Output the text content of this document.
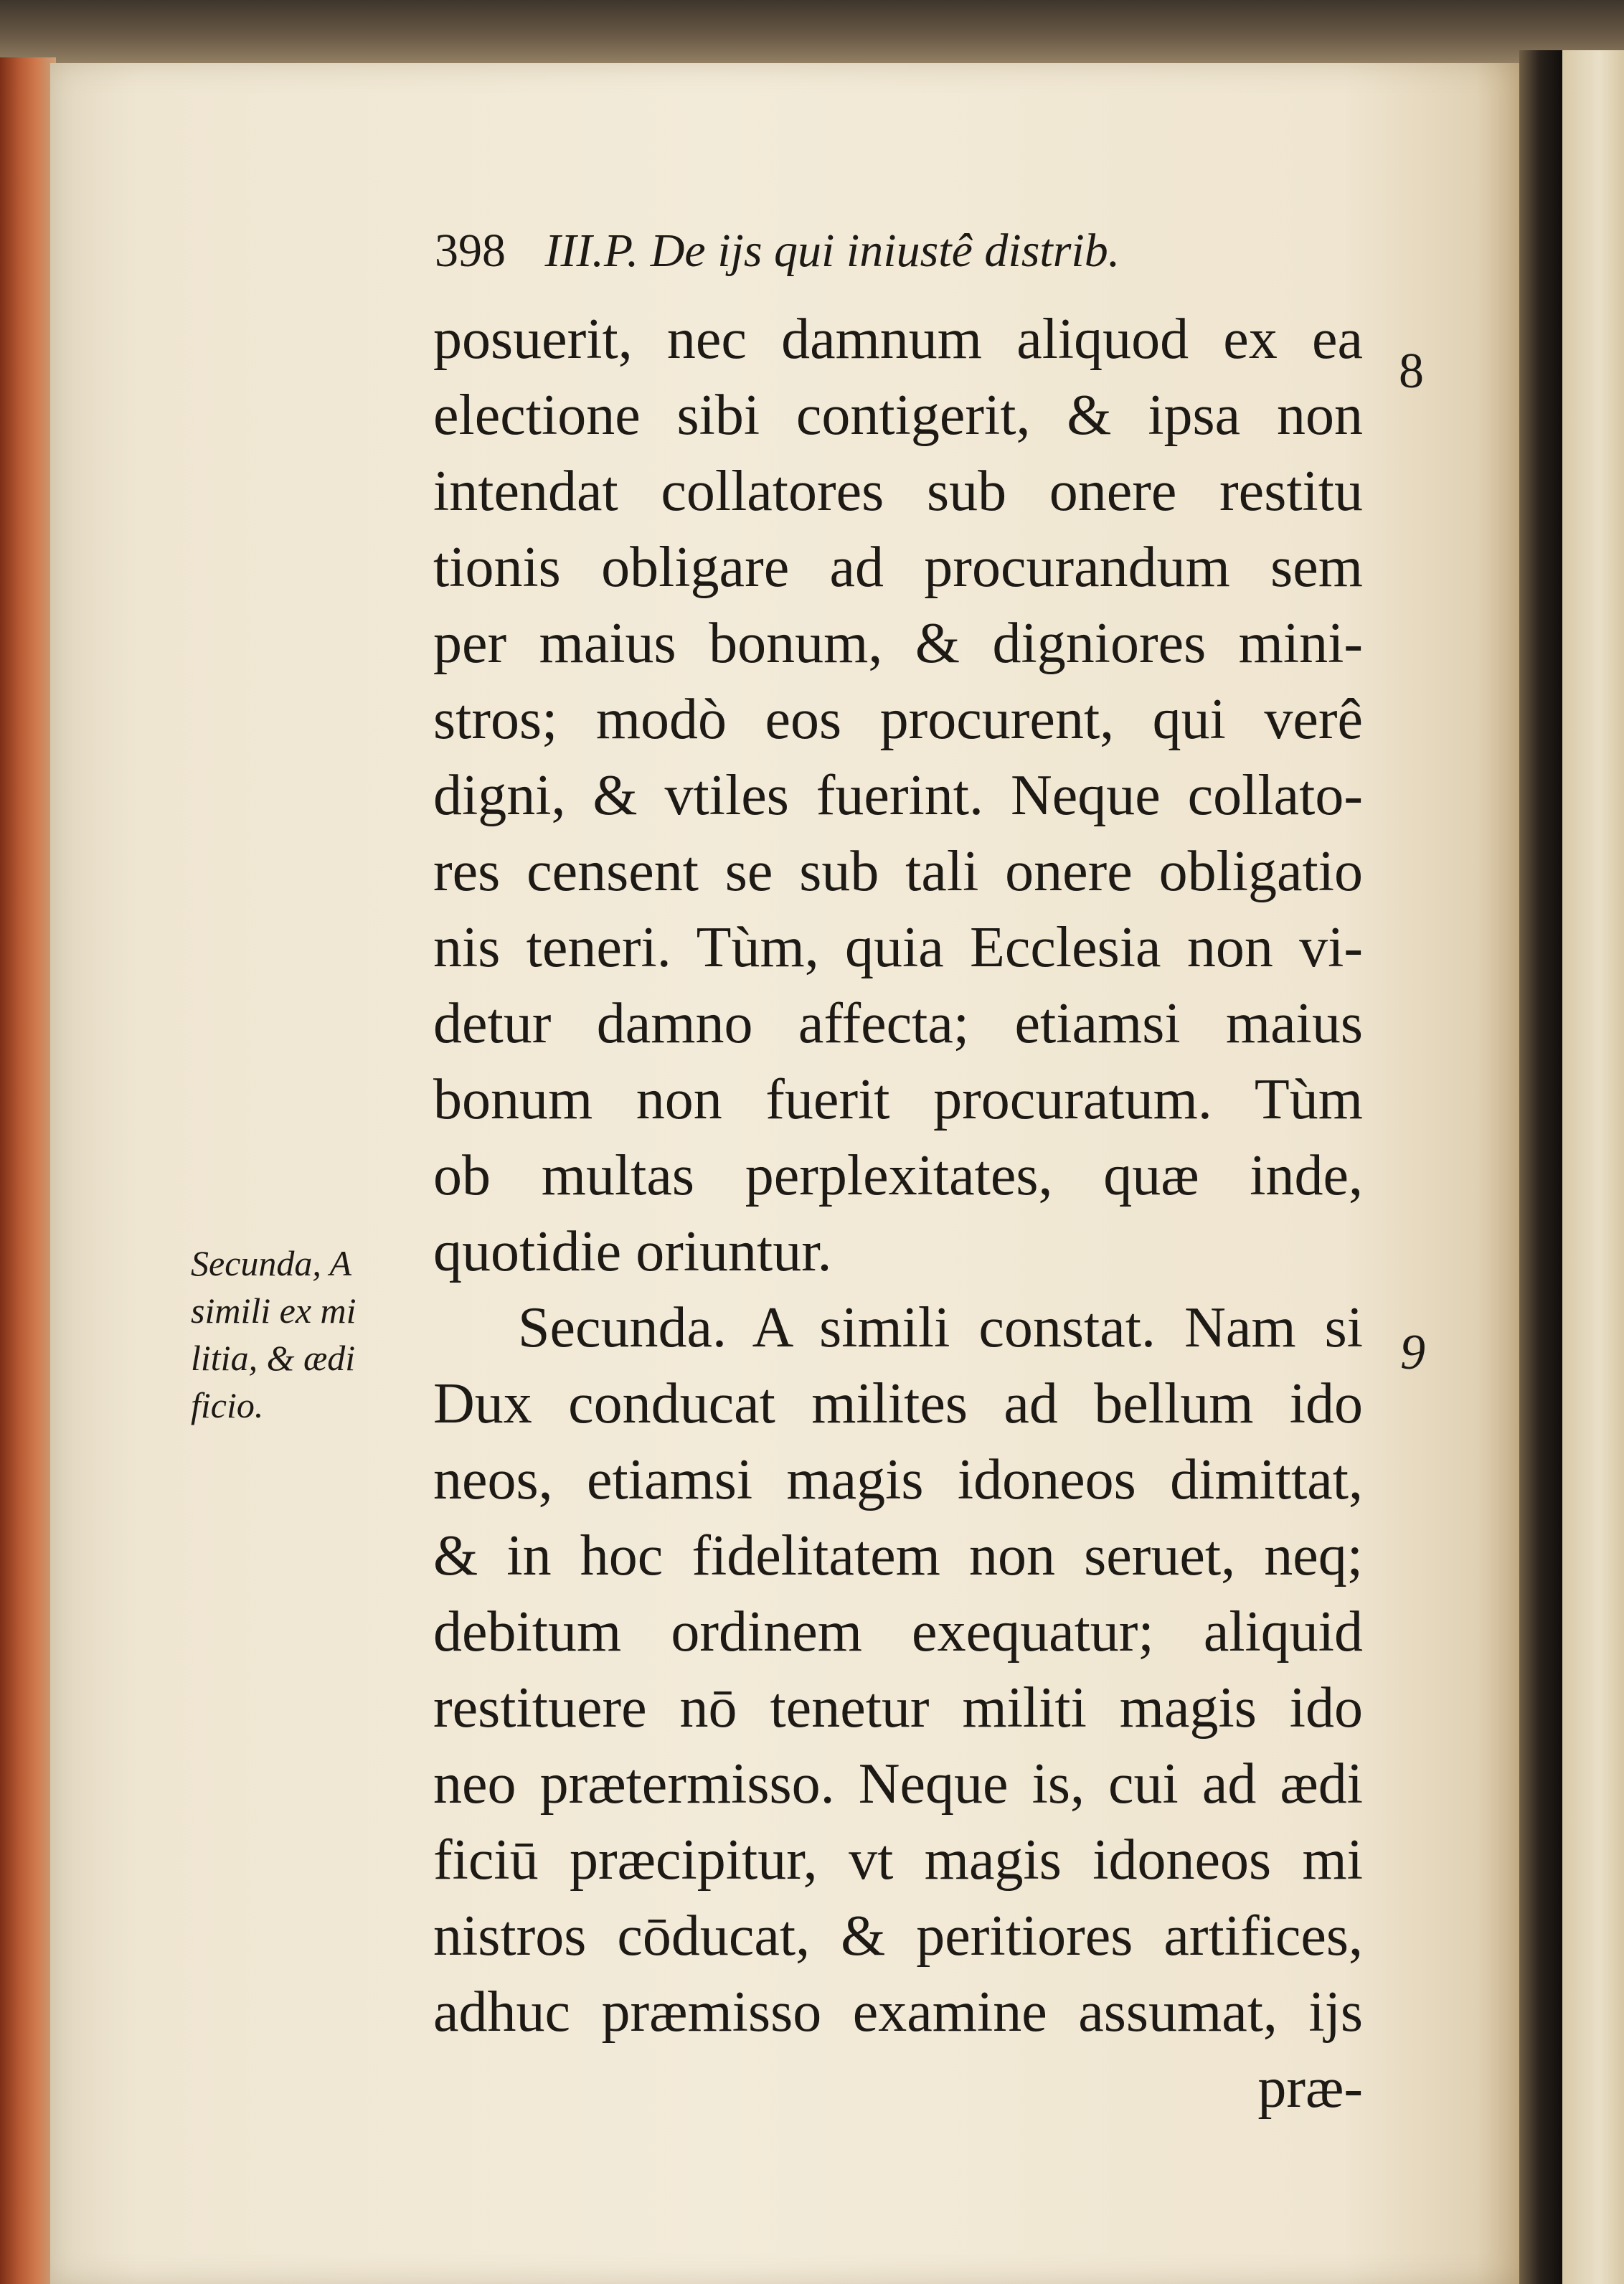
398 III.P. De ijs qui iniustê distrib.
posuerit, nec damnum aliquod ex ea
electione sibi contigerit, & ipsa non
intendat collatores sub onere restitu
tionis obligare ad procurandum sem
per maius bonum, & digniores mini-
stros; modò eos procurent, qui verê
digni, & vtiles fuerint. Neque collato-
res censent se sub tali onere obligatio
nis teneri. Tùm, quia Ecclesia non vi-
detur damno affecta; etiamsi maius
bonum non fuerit procuratum. Tùm
ob multas perplexitates, quæ inde,
quotidie oriuntur.
Secunda. A simili constat. Nam si
Dux conducat milites ad bellum ido
neos, etiamsi magis idoneos dimittat,
& in hoc fidelitatem non seruet, neq;
debitum ordinem exequatur; aliquid
restituere nō tenetur militi magis ido
neo prætermisso. Neque is, cui ad ædi
ficiū præcipitur, vt magis idoneos mi
nistros cōducat, & peritiores artifices,
adhuc præmisso examine assumat, ijs
præ-
8
9
Secunda, A
simili ex mi
litia, & ædi
ficio.
